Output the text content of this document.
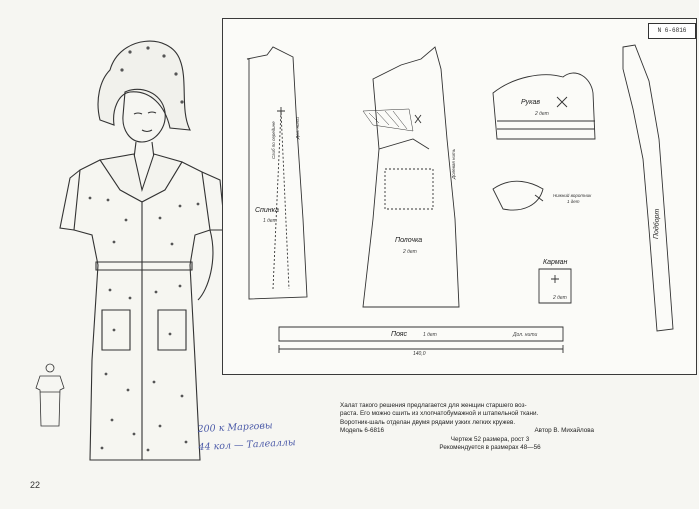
N 6-6816
Спинка
1 дет
Полочка
2 дет
Рукав
2 дет
Карман
2 дет
Пояс	1 дет	Дол. нити
140,0
Подборт
Нижний воротник
1 дет
Сгиб по середине	Дол. нити
Долевая нить
Халат такого решения предлагается для женщин старшего воз-
раста. Его можно сшить из хлопчатобумажной и штапельной ткани.
Воротник-шаль отделан двумя рядами узких легких кружев.
Модель 6-6816	Автор В. Михайлова
Чертеж 52 размера, рост 3
Рекомендуется в размерах 48—56
200 к Марговы
44 кол — Талеаллы
22
